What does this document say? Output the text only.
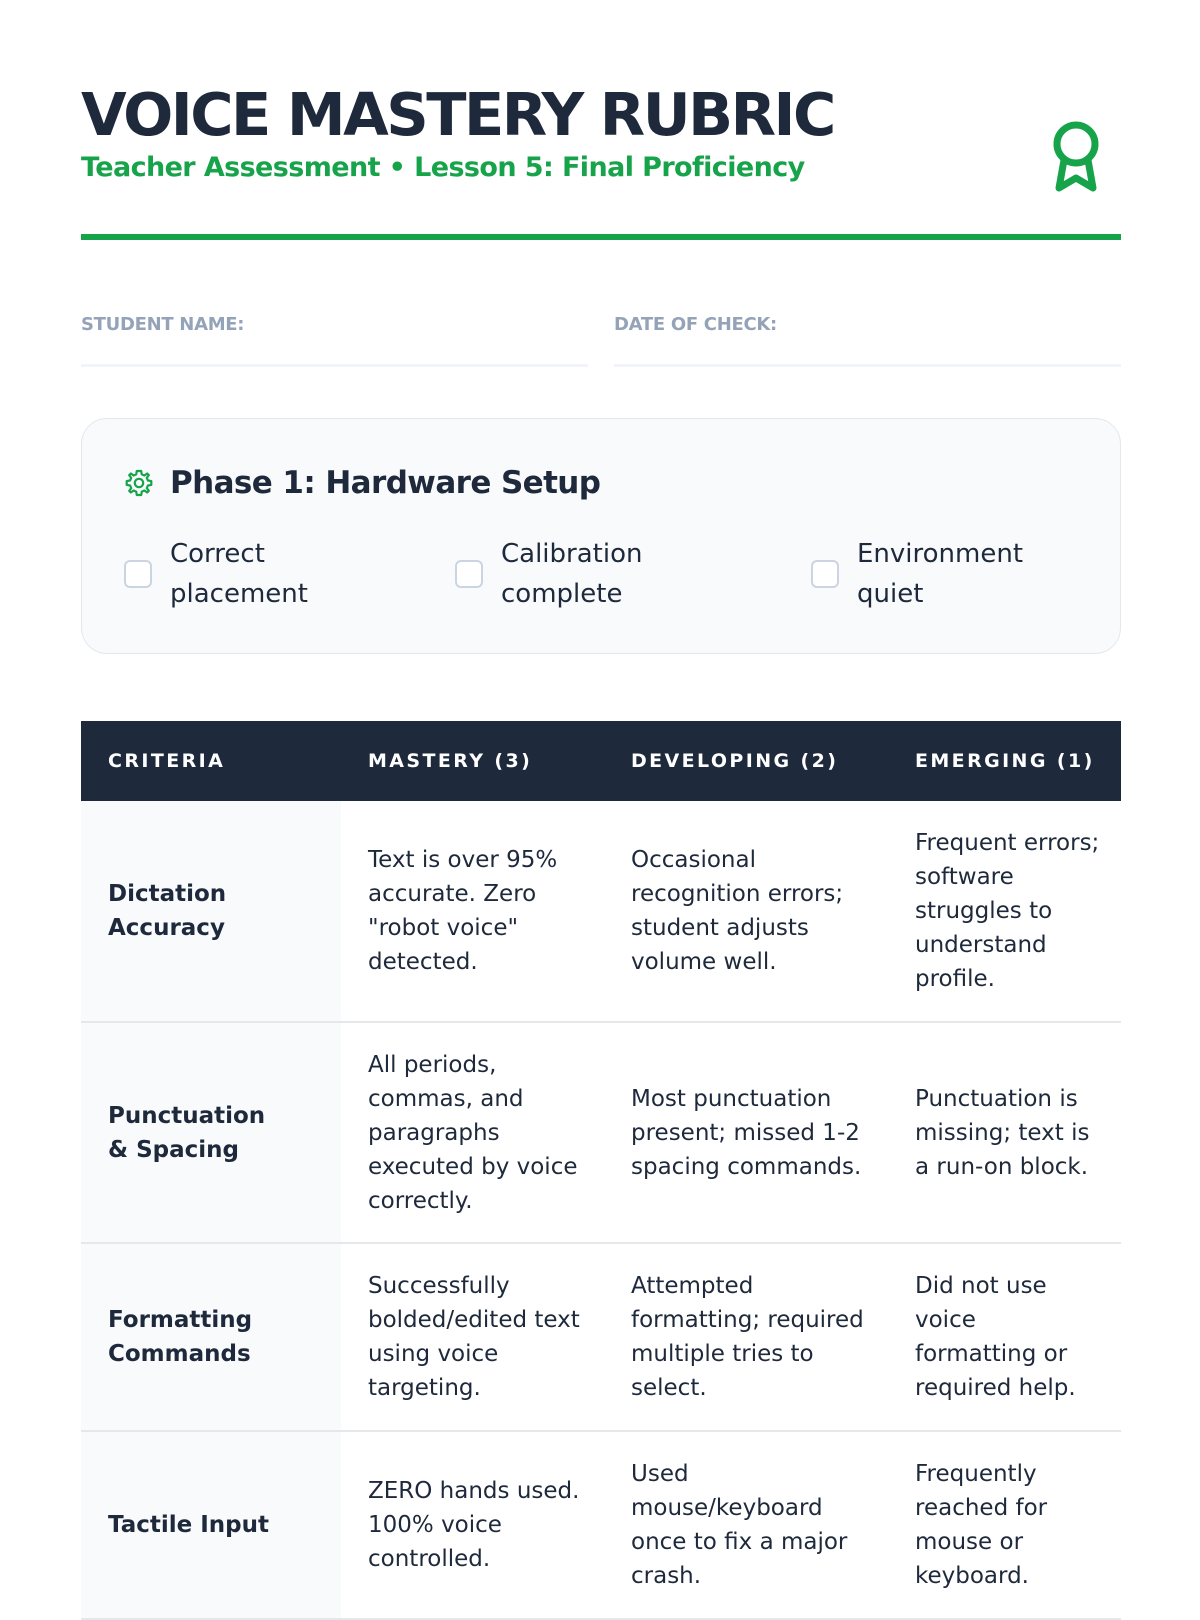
VOICE MASTERY RUBRIC
Teacher Assessment • Lesson 5: Final Proficiency
STUDENT NAME:	DATE OF CHECK:
Phase 1: Hardware Setup
Correct
placement
Calibration
complete
Environment
quiet
CRITERIA	MASTERY (3)	DEVELOPING (2)	EMERGING (1)
Dictation Accuracy	Text is over 95% accurate. Zero "robot voice" detected.	Occasional recognition errors; student adjusts volume well.	Frequent errors; software struggles to understand profile.
Punctuation & Spacing	All periods, commas, and paragraphs executed by voice correctly.	Most punctuation present; missed 1-2 spacing commands.	Punctuation is missing; text is a run-on block.
Formatting Commands	Successfully bolded/edited text using voice targeting.	Attempted formatting; required multiple tries to select.	Did not use voice formatting or required help.
Tactile Input	ZERO hands used. 100% voice controlled.	Used mouse/keyboard once to fix a major crash.	Frequently reached for mouse or keyboard.
